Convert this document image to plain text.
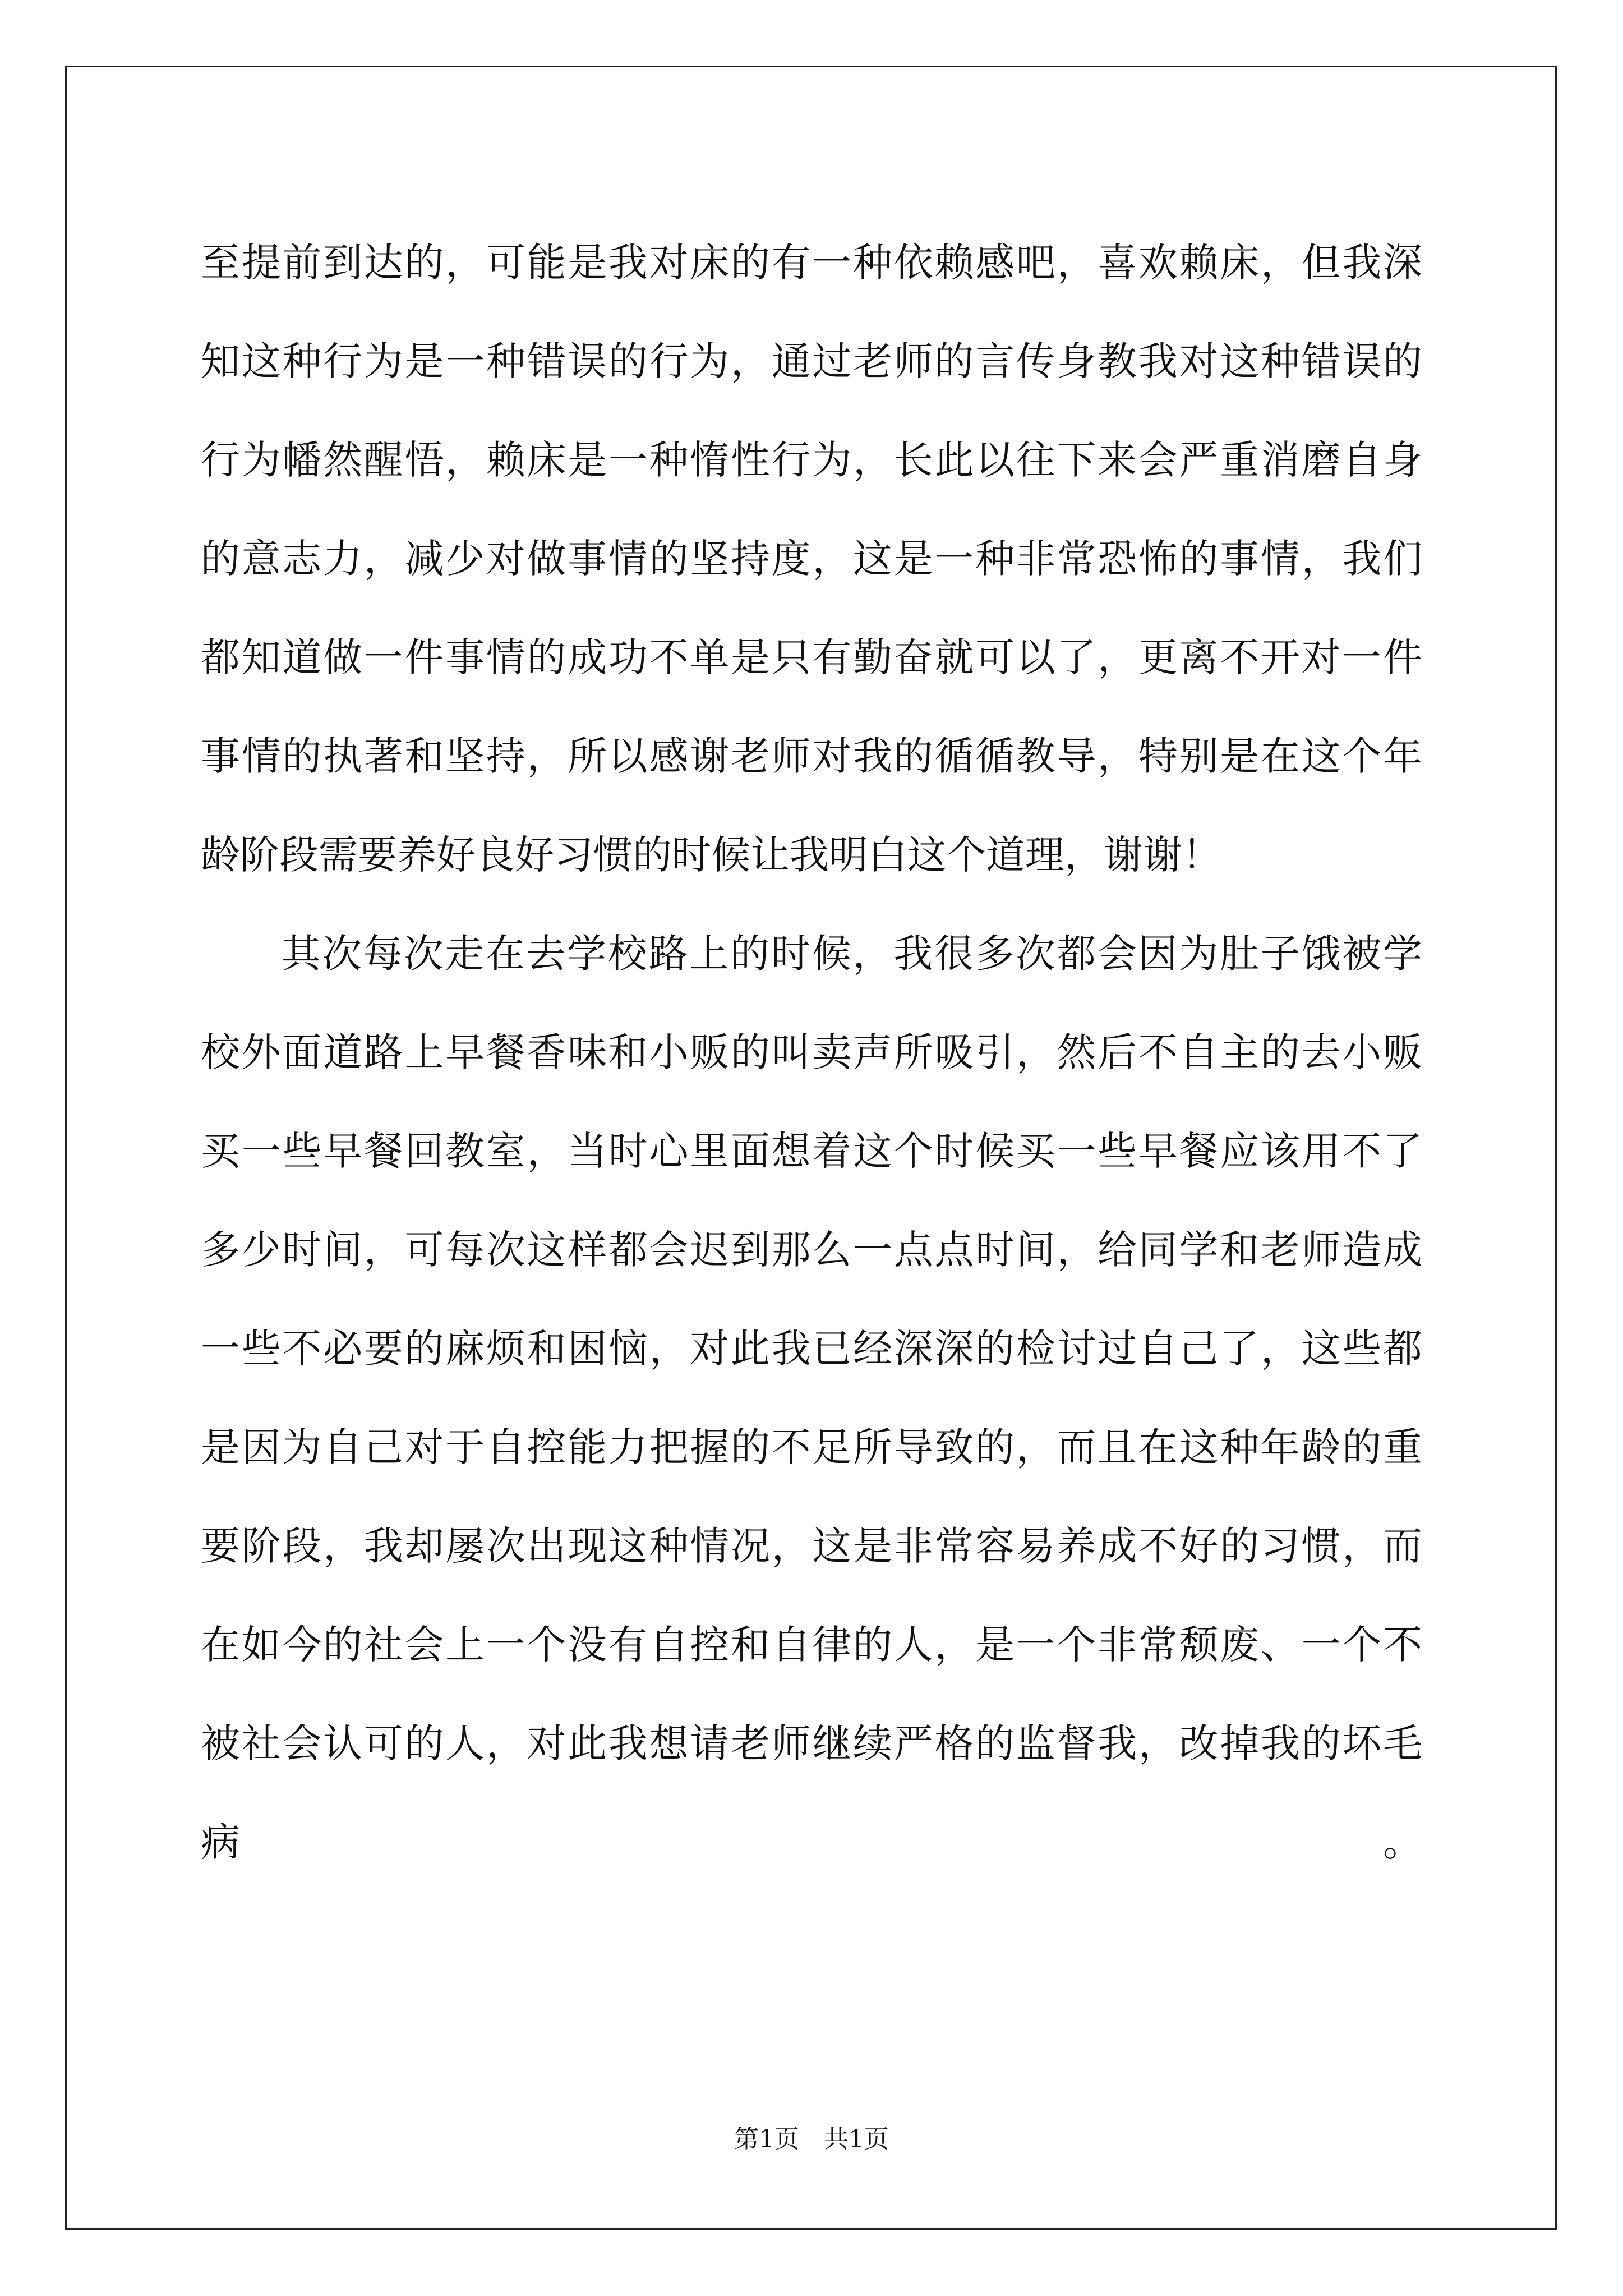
至提前到达的，可能是我对床的有一种依赖感吧，喜欢赖床，但我深
知这种行为是一种错误的行为，通过老师的言传身教我对这种错误的
行为幡然醒悟，赖床是一种惰性行为，长此以往下来会严重消磨自身
的意志力，减少对做事情的坚持度，这是一种非常恐怖的事情，我们
都知道做一件事情的成功不单是只有勤奋就可以了，更离不开对一件
事情的执著和坚持，所以感谢老师对我的循循教导，特别是在这个年
龄阶段需要养好良好习惯的时候让我明白这个道理，谢谢！
其次每次走在去学校路上的时候，我很多次都会因为肚子饿被学
校外面道路上早餐香味和小贩的叫卖声所吸引，然后不自主的去小贩
买一些早餐回教室，当时心里面想着这个时候买一些早餐应该用不了
多少时间，可每次这样都会迟到那么一点点时间，给同学和老师造成
一些不必要的麻烦和困恼，对此我已经深深的检讨过自己了，这些都
是因为自己对于自控能力把握的不足所导致的，而且在这种年龄的重
要阶段，我却屡次出现这种情况，这是非常容易养成不好的习惯，而
在如今的社会上一个没有自控和自律的人，是一个非常颓废、一个不
被社会认可的人，对此我想请老师继续严格的监督我，改掉我的坏毛
病。
第1页　共1页
